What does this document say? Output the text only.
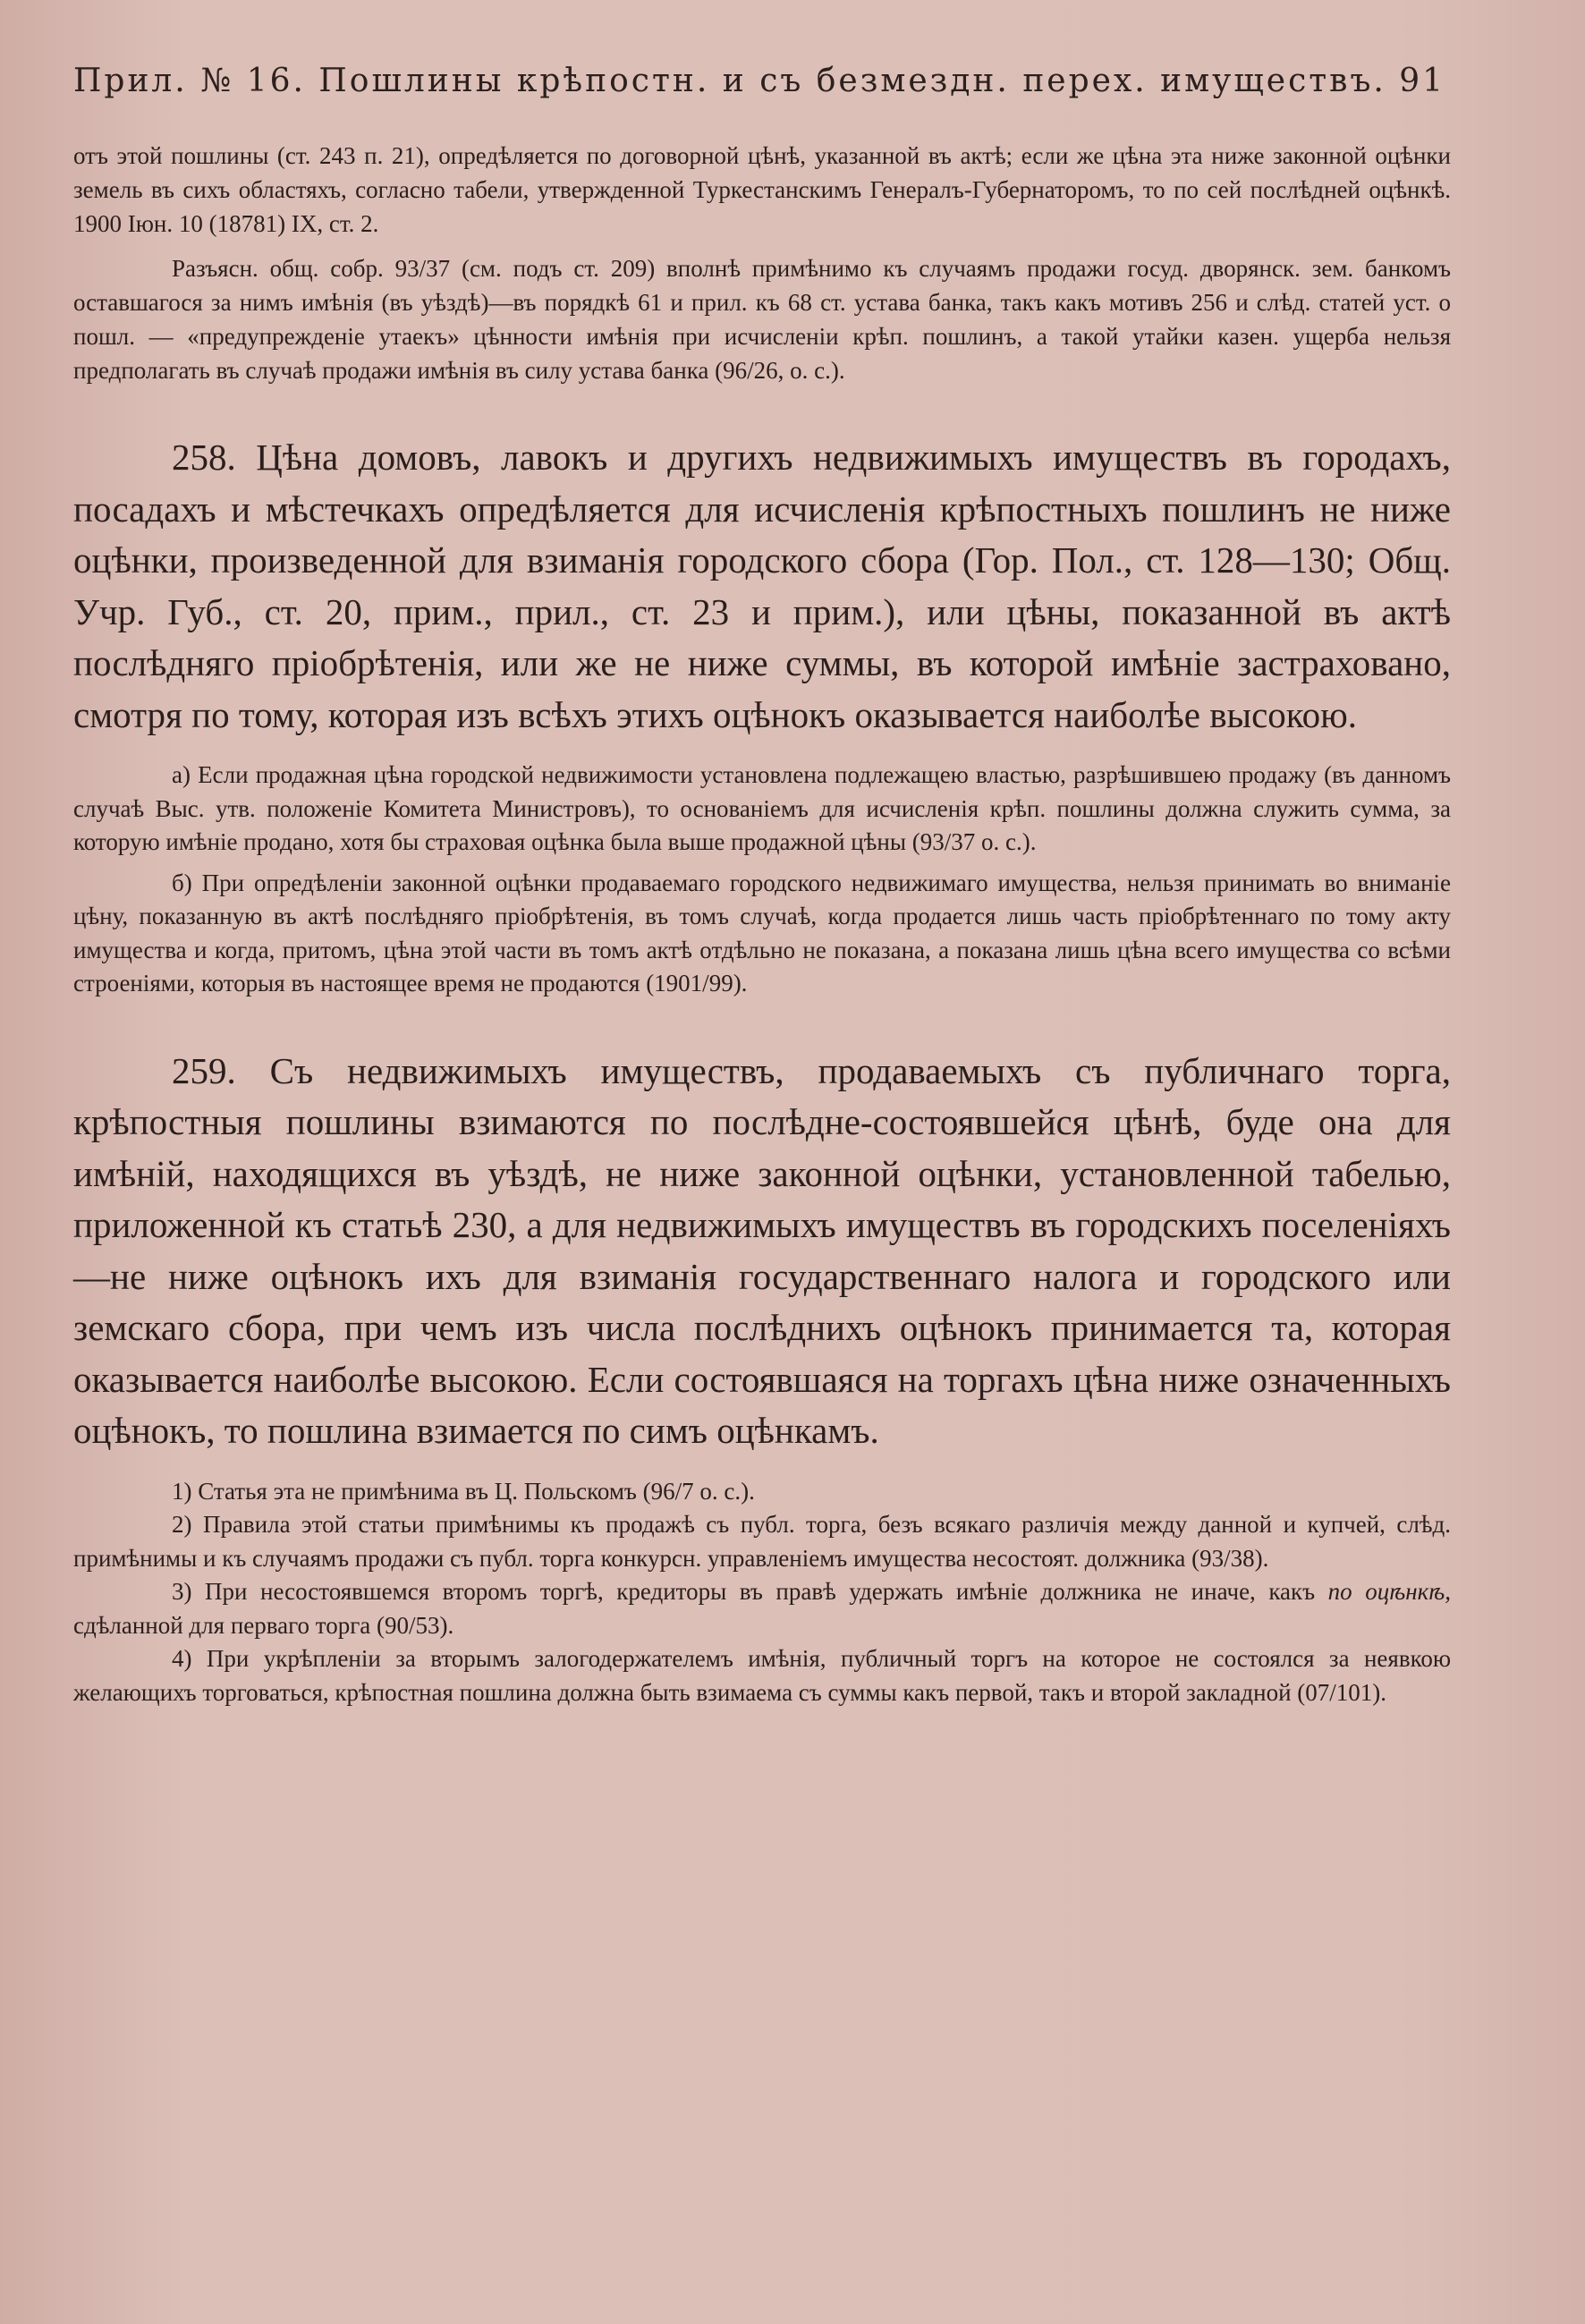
Прил. № 16. Пошлины крѣпостн. и съ безмездн. перех. имуществъ. 91

отъ этой пошлины (ст. 243 п. 21), опредѣляется по договорной цѣнѣ, указанной въ актѣ; если же цѣна эта ниже законной оцѣнки земель въ сихъ областяхъ, согласно табели, утвержденной Туркестанскимъ Генералъ-Губернаторомъ, то по сей послѣдней оцѣнкѣ. 1900 Іюн. 10 (18781) IX, ст. 2.

Разъясн. общ. собр. 93/37 (см. подъ ст. 209) вполнѣ примѣнимо къ случаямъ продажи госуд. дворянск. зем. банкомъ оставшагося за нимъ имѣнія (въ уѣздѣ)—въ порядкѣ 61 и прил. къ 68 ст. устава банка, такъ какъ мотивъ 256 и слѣд. статей уст. о пошл. — «предупрежденіе утаекъ» цѣнности имѣнія при исчисленіи крѣп. пошлинъ, а такой утайки казен. ущерба нельзя предполагать въ случаѣ продажи имѣнія въ силу устава банка (96/26, о. с.).

258. Цѣна домовъ, лавокъ и другихъ недвижимыхъ имуществъ въ городахъ, посадахъ и мѣстечкахъ опредѣляется для исчисленія крѣпостныхъ пошлинъ не ниже оцѣнки, произведенной для взиманія городского сбора (Гор. Пол., ст. 128—130; Общ. Учр. Губ., ст. 20, прим., прил., ст. 23 и прим.), или цѣны, показанной въ актѣ послѣдняго пріобрѣтенія, или же не ниже суммы, въ которой имѣніе застраховано, смотря по тому, которая изъ всѣхъ этихъ оцѣнокъ оказывается наиболѣе высокою.

а) Если продажная цѣна городской недвижимости установлена подлежащею властью, разрѣшившею продажу (въ данномъ случаѣ Выс. утв. положеніе Комитета Министровъ), то основаніемъ для исчисленія крѣп. пошлины должна служить сумма, за которую имѣніе продано, хотя бы страховая оцѣнка была выше продажной цѣны (93/37 о. с.).

б) При опредѣленіи законной оцѣнки продаваемаго городского недвижимаго имущества, нельзя принимать во вниманіе цѣну, показанную въ актѣ послѣдняго пріобрѣтенія, въ томъ случаѣ, когда продается лишь часть пріобрѣтеннаго по тому акту имущества и когда, притомъ, цѣна этой части въ томъ актѣ отдѣльно не показана, а показана лишь цѣна всего имущества со всѣми строеніями, которыя въ настоящее время не продаются (1901/99).

259. Съ недвижимыхъ имуществъ, продаваемыхъ съ публичнаго торга, крѣпостныя пошлины взимаются по послѣдне-состоявшейся цѣнѣ, буде она для имѣній, находящихся въ уѣздѣ, не ниже законной оцѣнки, установленной табелью, приложенной къ статьѣ 230, а для недвижимыхъ имуществъ въ городскихъ поселеніяхъ—не ниже оцѣнокъ ихъ для взиманія государственнаго налога и городского или земскаго сбора, при чемъ изъ числа послѣднихъ оцѣнокъ принимается та, которая оказывается наиболѣе высокою. Если состоявшаяся на торгахъ цѣна ниже означенныхъ оцѣнокъ, то пошлина взимается по симъ оцѣнкамъ.

1) Статья эта не примѣнима въ Ц. Польскомъ (96/7 о. с.).

2) Правила этой статьи примѣнимы къ продажѣ съ публ. торга, безъ всякаго различія между данной и купчей, слѣд. примѣнимы и къ случаямъ продажи съ публ. торга конкурсн. управленіемъ имущества несостоят. должника (93/38).

3) При несостоявшемся второмъ торгѣ, кредиторы въ правѣ удержать имѣніе должника не иначе, какъ по оцѣнкѣ, сдѣланной для перваго торга (90/53).

4) При укрѣпленіи за вторымъ залогодержателемъ имѣнія, публичный торгъ на которое не состоялся за неявкою желающихъ торговаться, крѣпостная пошлина должна быть взимаема съ суммы какъ первой, такъ и второй закладной (07/101).
